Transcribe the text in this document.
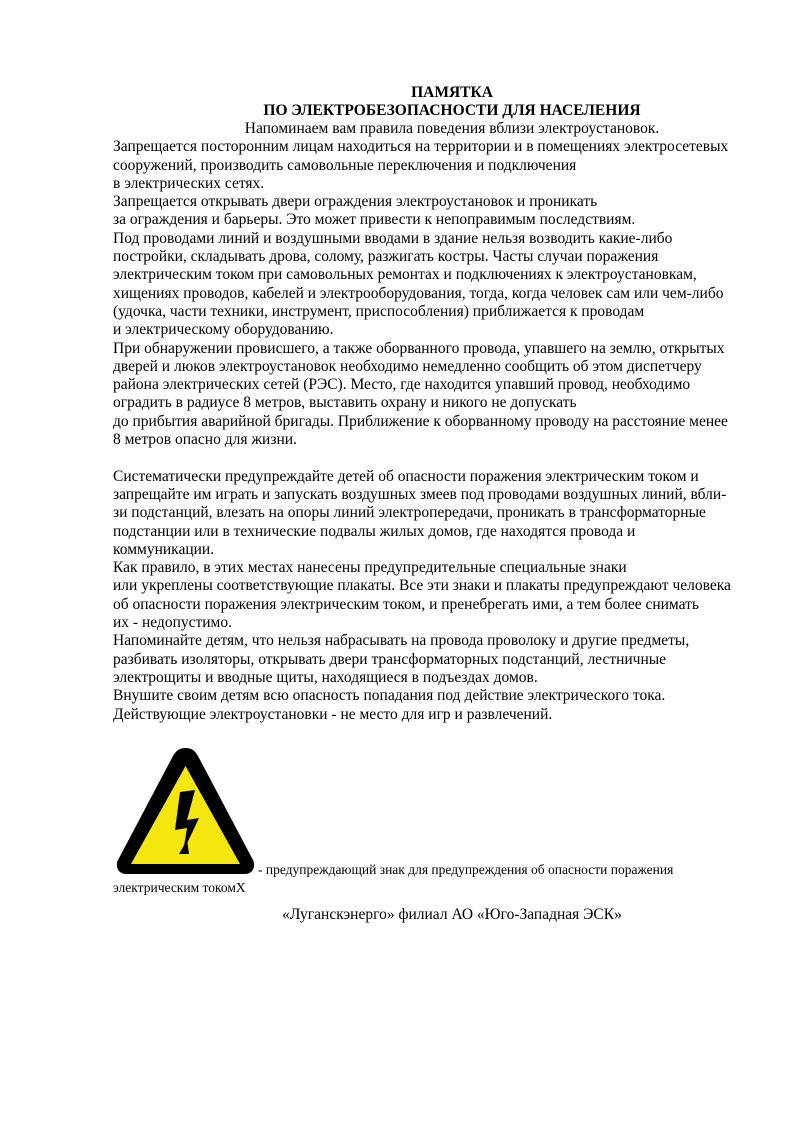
ПАМЯТКА

ПО ЭЛЕКТРОБЕЗОПАСНОСТИ ДЛЯ НАСЕЛЕНИЯ

Напоминаем вам правила поведения вблизи электроустановок.

Запрещается посторонним лицам находиться на территории и в помещениях электросетевых

сооружений, производить самовольные переключения и подключения

в электрических сетях.

Запрещается открывать двери ограждения электроустановок и проникать

за ограждения и барьеры. Это может привести к непоправимым последствиям.

Под проводами линий и воздушными вводами в здание нельзя возводить какие-либо

постройки, складывать дрова, солому, разжигать костры. Часты случаи поражения

электрическим током при самовольных ремонтах и подключениях к электроустановкам,

хищениях проводов, кабелей и электрооборудования, тогда, когда человек сам или чем-либо

(удочка, части техники, инструмент, приспособления) приближается к проводам

и электрическому оборудованию.

При обнаружении провисшего, а также оборванного провода, упавшего на землю, открытых

дверей и люков электроустановок необходимо немедленно сообщить об этом диспетчеру

района электрических сетей (РЭС). Место, где находится упавший провод, необходимо

оградить в радиусе 8 метров, выставить охрану и никого не допускать

до прибытия аварийной бригады. Приближение к оборванному проводу на расстояние менее

8 метров опасно для жизни.

Систематически предупреждайте детей об опасности поражения электрическим током и

запрещайте им играть и запускать воздушных змеев под проводами воздушных линий, вбли-

зи подстанций, влезать на опоры линий электропередачи, проникать в трансформаторные

подстанции или в технические подвалы жилых домов, где находятся провода и

коммуникации.

Как правило, в этих местах нанесены предупредительные специальные знаки

или укреплены соответствующие плакаты. Все эти знаки и плакаты предупреждают человека

об опасности поражения электрическим током, и пренебрегать ими, а тем более снимать

их - недопустимо.

Напоминайте детям, что нельзя набрасывать на провода проволоку и другие предметы,

разбивать изоляторы, открывать двери трансформаторных подстанций, лестничные

электрощиты и вводные щиты, находящиеся в подъездах домов.

Внушите своим детям всю опасность попадания под действие электрического тока.

Действующие электроустановки - не место для игр и развлечений.

- предупреждающий знак для предупреждения об опасности поражения
электрическим токомХ

«Луганскэнерго» филиал АО «Юго-Западная ЭСК»
